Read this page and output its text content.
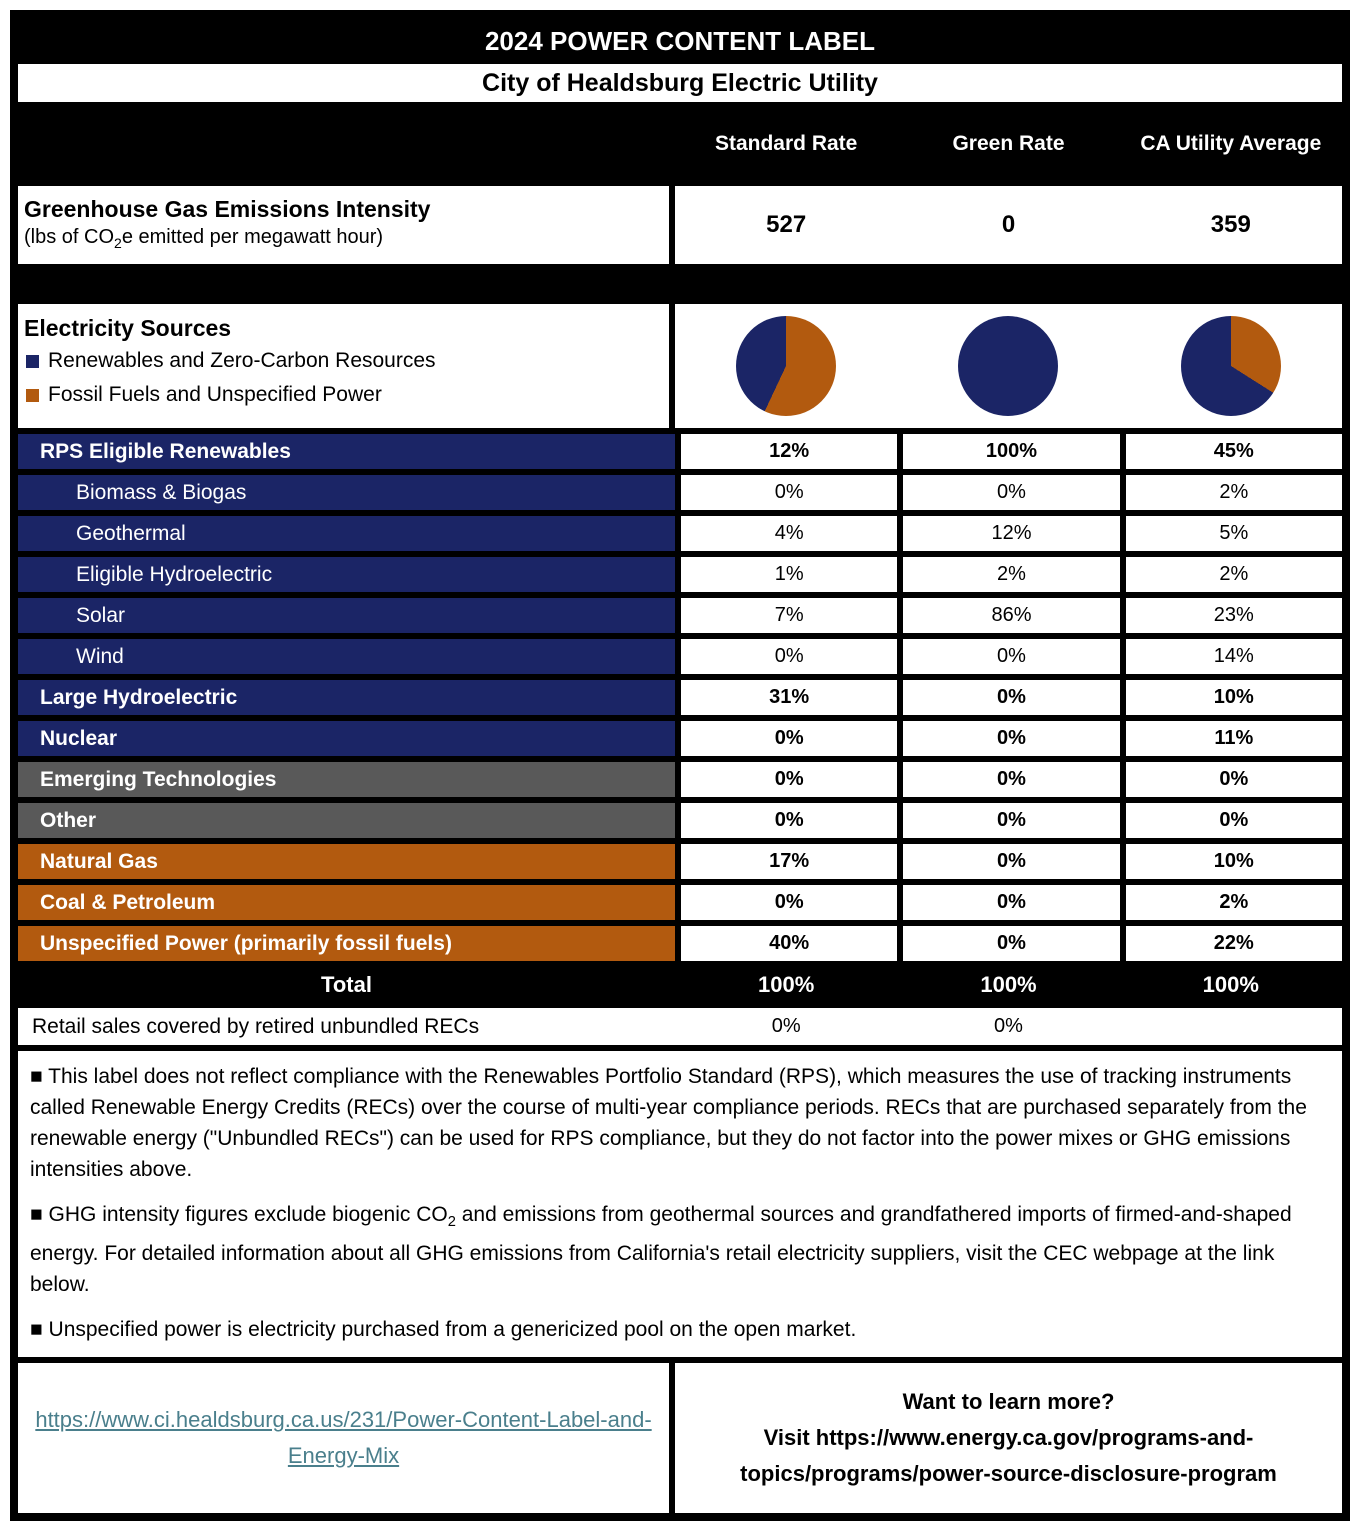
2024 POWER CONTENT LABEL
City of Healdsburg Electric Utility
Standard Rate	Green Rate	CA Utility Average
Greenhouse Gas Emissions Intensity
(lbs of $CO_2e$ emitted per megawatt hour)	527	0	359
Electricity Sources
Renewables and Zero-Carbon Resources
Fossil Fuels and Unspecified Power
RPS Eligible Renewables	12%	100%	45%
Biomass & Biogas	0%	0%	2%
Geothermal	4%	12%	5%
Eligible Hydroelectric	1%	2%	2%
Solar	7%	86%	23%
Wind	0%	0%	14%
Large Hydroelectric	31%	0%	10%
Nuclear	0%	0%	11%
Emerging Technologies	0%	0%	0%
Other	0%	0%	0%
Natural Gas	17%	0%	10%
Coal & Petroleum	0%	0%	2%
Unspecified Power (primarily fossil fuels)	40%	0%	22%
Total	100%	100%	100%
Retail sales covered by retired unbundled RECs	0%	0%

■ This label does not reflect compliance with the Renewables Portfolio Standard (RPS), which measures the use of tracking instruments called Renewable Energy Credits (RECs) over the course of multi-year compliance periods. RECs that are purchased separately from the renewable energy ("Unbundled RECs") can be used for RPS compliance, but they do not factor into the power mixes or GHG emissions intensities above.

■ GHG intensity figures exclude biogenic $CO_2$ and emissions from geothermal sources and grandfathered imports of firmed-and-shaped energy. For detailed information about all GHG emissions from California's retail electricity suppliers, visit the CEC webpage at the link below.

■ Unspecified power is electricity purchased from a genericized pool on the open market.

https://www.ci.healdsburg.ca.us/231/Power-Content-Label-and-Energy-Mix
Want to learn more?
Visit https://www.energy.ca.gov/programs-and-topics/programs/power-source-disclosure-program
